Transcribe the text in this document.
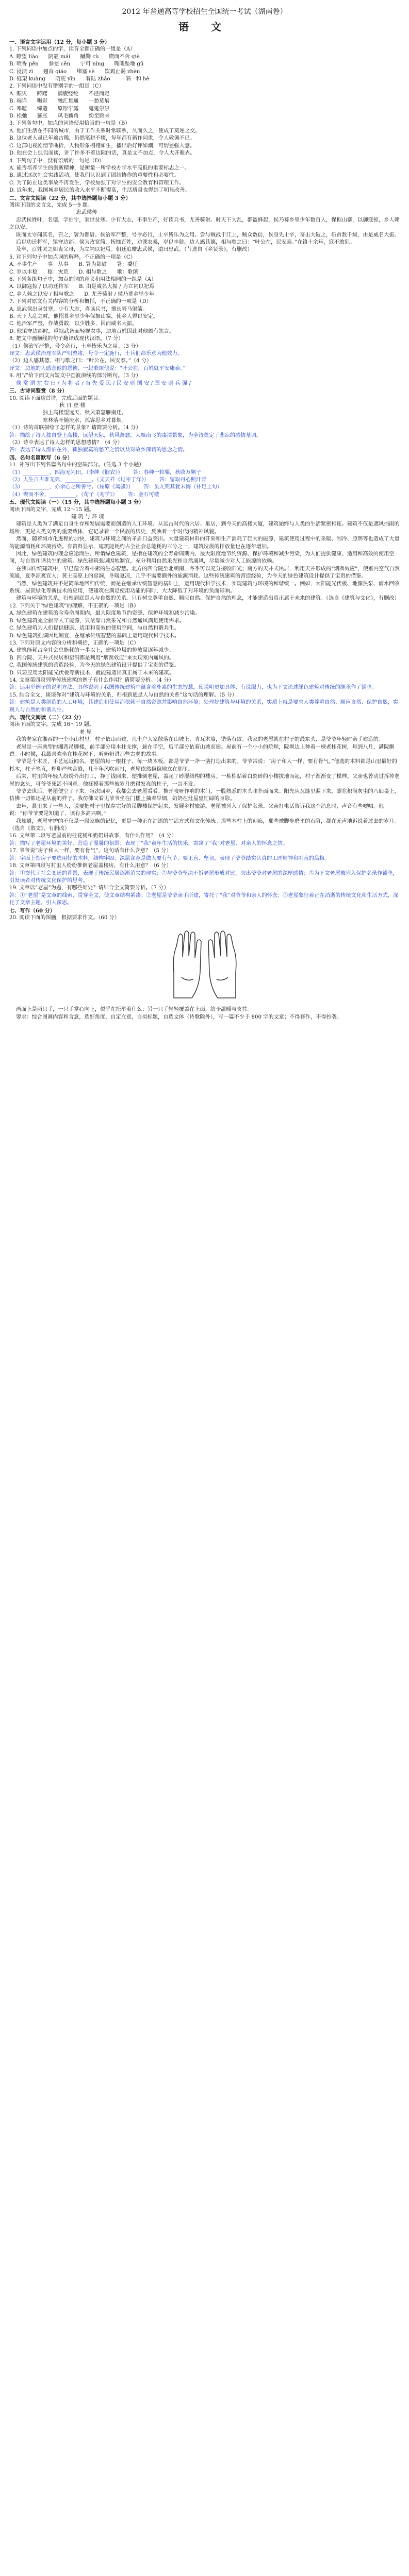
2012 年普通高等学校招生全国统一考试（湖南卷）
语 文

一、语言文字运用（12 分，每小题 3 分）

1. 下列词语中加点的字，读音全都正确的一组是（A）

A. 瞭望 liào      阴霾 mái      蹴鞠 cù      锲而不舍 qiè

B. 喷香 pēn      参差 cēn      宁可 nìng      呱呱坠地 gū

C. 浸渍 zì      翘首 qiáo      堵塞 sè      饮鸩止渴 zhèn

D. 框架 kuàng      荫庇 yīn      着陆 zháo      一唱一和 hè

2. 下列词语中没有错别字的一组是（C）

A. 赈灾      踌躇      满腹经纶      不径而走

B. 端详      喝彩      融汇贯通      一愁莫展

C. 寒暄      缔造      原形毕露      鬼鬼祟祟

D. 松弛      膨胀      凤毛麟角      纷至踏来

3. 下列各句中，加点的词语使用恰当的一句是（B）

A. 他们生活在不同的城市，由于工作关系时常联系，久而久之，便成了莫逆之交。

B. 这位老人虽已年逾古稀，仍然笔耕不辍，每年都有新作问世，令人敬佩不已。

C. 这部电视剧情节曲折，人物形象栩栩如生，播出后好评如潮，可谓差强人意。

D. 他在会上侃侃而谈，讲了许多不着边际的话，真是文不加点，令人大开眼界。

4. 下列句子中，没有语病的一句是（D）

A. 能否培养学生的创新精神，是衡量一所学校办学水平高低的重要标志之一。

B. 通过这次社会实践活动，使我们认识到了团结协作的重要性和必要性。

C. 为了防止这类事故不再发生，学校加强了对学生的安全教育和管理工作。

D. 近年来，我国城乡居民的收入水平不断提高，生活质量也得到了明显改善。

二、文言文阅读（22 分，其中选择题每小题 3 分）

阅读下面的文言文，完成 5～9 题。

忠武侯传

忠武侯姓叶，名德，字伯宁，家世贫寒。少有大志，不事生产，好读兵书，尤善骑射。时天下大乱，群盗蜂起，侯乃募乡里少年数百人，保据山寨，以御寇掠，乡人赖之以安。

既而太守闻其名，召之，署为都尉。侯治军严整，号令必行，士卒皆乐为之用。尝与贼战于江上，贼众数倍，侯身先士卒，奋击大破之，斩首数千级，由是威名大振。

后以功迁将军，镇守边郡。侯为政宽简，抚恤百姓，劝课农桑，岁以丰稔。边人感其德，相与歌之曰：“叶公在，民安泰。”在镇十余年，寇不敢犯。

及卒，百姓哭之如丧父母，为立祠以祀焉。朝廷追赠忠武侯，谥曰忠武。（节选自《乡贤录》，有删改）

5. 对下列句子中加点词的解释，不正确的一项是（C）

A. 不事生产      事：从事      B. 署为都尉      署：委任

C. 岁以丰稔      稔：灾荒      D. 相与歌之      歌：歌颂

6. 下列各组句子中，加点的词的意义和用法相同的一组是（A）

A. 以御寇掠 / 以功迁将军      B. 由是威名大振 / 为立祠以祀焉

C. 乡人赖之以安 / 相与歌之      D. 尤善骑射 / 侯乃募乡里少年

7. 下列对原文有关内容的分析和概括，不正确的一项是（D）

A. 忠武侯出身贫寒，少有大志，喜读兵书，擅长骑马射箭。

B. 天下大乱之时，他招募乡里少年保据山寨，使乡人得以安定。

C. 他治军严整，作战勇敢，以少胜多，因而威名大振。

D. 他镇守边郡时，重视武备而轻视农事，边地百姓因此对他颇有怨言。

8. 把文中画横线的句子翻译成现代汉语。（7 分）

（1）侯治军严整，号令必行，士卒皆乐为之用。（3 分）

译文：忠武侯治理军队严明整肃，号令一定施行，士兵们都乐意为他效力。

（2）边人感其德，相与歌之曰：“叶公在，民安泰。”（4 分）

译文：边地的人感念他的恩德，一起歌颂他说：“叶公在，百姓就平安康泰。”

9. 用“/”给下面文言短文中画波浪线的部分断句。（3 分）

侯 常 谓 左 右 曰 / 为 将 者 / 当 先 爱 民 / 民 安 则 国 安 / 国 安 则 兵 强 /

三、古诗词鉴赏（8 分）

10. 阅读下面这首诗，完成后面的题目。

秋 日 登 楼

独上高楼望远天，秋风萧瑟雁南迁。

寒林落叶随流水，孤客思乡对暮烟。

（1）诗的首联描绘了怎样的景象？请简要分析。（4 分）

答：描绘了诗人独自登上高楼，远望天际，秋风萧瑟，大雁南飞的凄清景象，为全诗奠定了悲凉的感情基调。

（2）诗中表达了诗人怎样的思想感情？（4 分）

答：表达了诗人漂泊在外、孤独寂寞的愁苦之情以及对故乡深切的思念之情。

四、名句名篇默写（6 分）

11. 补写出下列名篇名句中的空缺部分。（任选 3 个小题）

（1）__________，四海无闲田。（李绅《悯农》）      答：春种一粒粟，秋收万颗子

（2）人生自古谁无死，__________。（文天祥《过零丁洋》）      答：留取丹心照汗青

（3）__________，亦余心之所善兮。（屈原《离骚》）      答：虽九死其犹未悔（补足上句）

（4）锲而不舍，__________。（荀子《劝学》）      答：金石可镂

五、现代文阅读（一）（15 分，其中选择题每小题 3 分）

阅读下面的文字，完成 12～15 题。

建 筑 与 环 境

建筑是人类为了满足自身生存和发展需要而创造的人工环境。从远古时代的穴居、巢居，到今天的高楼大厦，建筑始终与人类的生活紧密相连。建筑不仅是遮风挡雨的场所，更是人类文明的重要载体，它记录着一个民族的历史，反映着一个时代的精神风貌。

然而，随着城市化进程的加快，建筑与环境之间的矛盾日益突出。大量建筑材料的开采和生产消耗了巨大的能源，建筑使用过程中的采暖、制冷、照明等也造成了大量的能源消耗和环境污染。有资料显示，建筑能耗约占全社会总能耗的三分之一，建筑垃圾的排放量也在逐年增加。

因此，绿色建筑的理念应运而生。所谓绿色建筑，是指在建筑的全寿命周期内，最大限度地节约资源、保护环境和减少污染，为人们提供健康、适用和高效的使用空间，与自然和谐共生的建筑。绿色建筑强调因地制宜，充分利用自然采光和自然通风，尽量减少对人工能源的依赖。

在我国传统建筑中，早已蕴含着朴素的生态智慧。北方的四合院坐北朝南，冬季可以充分接收阳光；南方的天井式民居，利用天井形成的“烟囱效应”，使室内空气自然流通，夏季凉爽宜人；黄土高原上的窑洞，冬暖夏凉，几乎不需要额外的能源消耗。这些传统建筑的营造经验，为今天的绿色建筑设计提供了宝贵的借鉴。

当然，绿色建筑并不是简单地回归传统，而是在继承传统智慧的基础上，运用现代科学技术，实现建筑与环境的和谐统一。例如，太阳能光伏板、地源热泵、雨水回收系统、屋顶绿化等新技术的应用，使建筑在满足使用功能的同时，大大降低了对环境的负面影响。

建筑与环境的关系，归根到底是人与自然的关系。只有树立尊重自然、顺应自然、保护自然的理念，才能建造出真正属于未来的建筑。（选自《建筑与文化》，有删改）

12. 下列关于“绿色建筑”的理解，不正确的一项是（B）

A. 绿色建筑在建筑的全寿命周期内，最大限度地节约资源、保护环境和减少污染。

B. 绿色建筑完全摒弃人工能源，只依靠自然采光和自然通风满足使用需求。

C. 绿色建筑为人们提供健康、适用和高效的使用空间，与自然和谐共生。

D. 绿色建筑强调因地制宜，在继承传统智慧的基础上运用现代科学技术。

13. 下列对原文内容的分析和概括，正确的一项是（C）

A. 建筑能耗占全社会总能耗的一半以上，建筑垃圾的排放量逐年减少。

B. 四合院、天井式民居和窑洞都是利用“烟囱效应”来实现室内通风的。

C. 我国传统建筑的营造经验，为今天的绿色建筑设计提供了宝贵的借鉴。

D. 只要应用太阳能光伏板等新技术，就能建造出真正属于未来的建筑。

14. 文章第四段列举传统建筑的例子有什么作用？请简要分析。（4 分）

答：运用举例子的说明方法，具体说明了我国传统建筑中蕴含着朴素的生态智慧，使说明更加具体、有说服力，也为下文论述绿色建筑对传统的继承作了铺垫。

15. 结合全文，谈谈你对“建筑与环境的关系，归根到底是人与自然的关系”这句话的理解。（5 分）

答：建筑是人类创造的人工环境，其建造和使用都依赖于自然资源并影响自然环境；处理好建筑与环境的关系，实质上就是要求人类尊重自然、顺应自然、保护自然，实现人与自然的和谐共生。

六、现代文阅读（二）（22 分）

阅读下面的文字，完成 16～19 题。

老 屋

我的老家在湘西的一个小山村里。村子依山而建，几十户人家散落在山坡上，青瓦木墙，错落有致。我家的老屋就在村子的最东头，是爷爷年轻时亲手建造的。

老屋是一座典型的湘西吊脚楼，前半部分用木柱支撑，悬在半空，后半部分依着山坡而建。屋前有一个小小的院坝，院坝边上种着一棵老桂花树，每到八月，满院飘香。小时候，我最喜欢坐在桂花树下，听奶奶讲那些古老的故事。

爷爷是个木匠，手艺远近闻名。老屋的每一根柱子、每一块木板，都是爷爷一斧一凿打造出来的。爷爷常说：“房子和人一样，要有骨气。”他选的木料都是山里最好的杉木，柱子笔直，榫卯严丝合缝，几十年风吹雨打，老屋依然稳稳地立在那里。

后来，村里的年轻人纷纷外出打工，挣了钱回来，便推倒老屋，盖起了砖混结构的楼房。一栋栋贴着白瓷砖的小楼拔地而起，村子渐渐变了模样。父亲也曾动过拆掉老屋的念头，可爷爷死活不同意。他抚摸着那些被岁月磨得发亮的柱子，一言不发。

爷爷去世后，老屋便空了下来。每次回乡，我都会去老屋看看。推开吱呀作响的木门，一股熟悉的木头味扑面而来。阳光从瓦缝里漏下来，照在积满灰尘的八仙桌上，仿佛一切都还是从前的样子。我仿佛又看见爷爷坐在门槛上抽着旱烟，奶奶在灶屋里忙碌的身影。

去年，县里来了一些人，说要把村子里保存完好的吊脚楼保护起来，发展乡村旅游。老屋被列入了保护名录。父亲打电话告诉我这个消息时，声音有些哽咽。他说：“你爷爷要是知道了，该有多高兴啊。”

我知道，老屋守护的不仅是一段家族的记忆，更是一种正在消逝的生活方式和文化传统。那些木柱上的刻痕，那些被脚步磨平的石阶，都在无声地诉说着过去的岁月。（选自《散文》，有删改）

16. 文章第二段写老屋前的桂花树和奶奶讲故事，有什么作用？（4 分）

答：描写了老屋环境的美好，营造了温馨的氛围；表现了“我”童年生活的快乐，寄寓了“我”对老屋、对亲人的怀念之情。

17. 爷爷说“房子和人一样，要有骨气”，这句话有什么含意？（5 分）

答：字面上指房子要选用好的木料，结构牢固；深层含意是做人要有气节，要正直、坚韧，表现了爷爷踏实认真的工匠精神和刚直的品格。

18. 文章第四段写村里人纷纷推倒老屋盖楼房，有什么用意？（6 分）

答：①交代了社会变迁的背景，表现了传统民居逐渐消失的现实；②与爷爷坚决不拆老屋形成对比，突出爷爷对老屋的深厚感情；③为下文老屋被列入保护名录作铺垫，引发读者对传统文化保护的思考。

19. 文章以“老屋”为题，有哪些好处？请结合全文简要分析。（7 分）

答：①“老屋”是文章的线索，贯穿全文，使文章结构紧凑；②老屋是爷爷亲手所建，寄托了“我”对爷爷和亲人的怀念；③老屋象征着正在消逝的传统文化和生活方式，深化了文章主题，引人深思。

七、写作（60 分）

20. 阅读下面的图画，根据要求作文。（60 分）

画面上是两只手，一只手掌心向上，似乎在托举着什么；另一只手轻轻覆盖在上面，给予温暖与支持。

要求：综合图画内容和含意，选好角度，自定立意，自拟标题，自选文体（诗歌除外），写一篇不少于 800 字的文章；不得套作，不得抄袭。
